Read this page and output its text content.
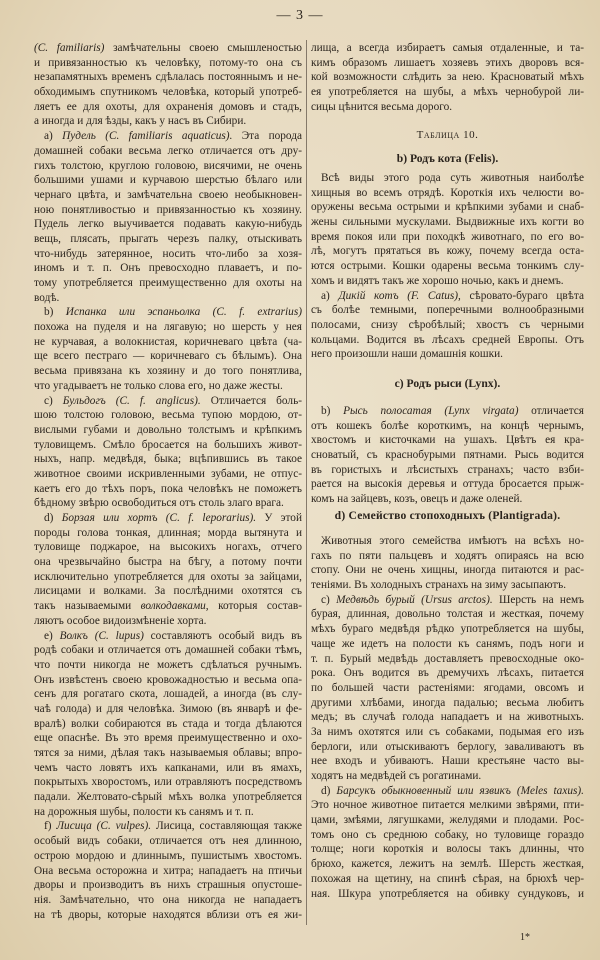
— 3 —
(C. familiaris) замѣчательны своею смышленостью
и привязанностью къ человѣку, потому-то она съ
незапамятныхъ временъ сдѣлалась постояннымъ и не-
обходимымъ спутникомъ человѣка, который употреб-
ляетъ ее для охоты, для охраненія домовъ и стадъ,
а иногда и для ѣзды, какъ у насъ въ Сибири.
a) Пудель (C. familiaris aquaticus). Эта порода
домашней собаки весьма легко отличается отъ дру-
гихъ толстою, круглою головою, висячими, не очень
большими ушами и курчавою шерстью бѣлаго или
чернаго цвѣта, и замѣчательна своею необыкновен-
ною понятливостью и привязанностью къ хозяину.
Пудель легко выучивается подавать какую-нибудь
вещь, плясать, прыгать черезъ палку, отыскивать
что-нибудь затерянное, носить что-либо за хозя-
иномъ и т. п. Онъ превосходно плаваетъ, и по-
тому употребляется преимущественно для охоты на
водѣ.
b) Испанка или эспаньолка (C. f. extrarius)
похожа на пуделя и на лягавую; но шерсть у нея
не курчавая, а волокнистая, коричневаго цвѣта (ча-
ще всего пестраго — коричневаго съ бѣлымъ). Она
весьма привязана къ хозяину и до того понятлива,
что угадываетъ не только слова его, но даже жесты.
c) Бульдогъ (C. f. anglicus). Отличается боль-
шою толстою головою, весьма тупою мордою, от-
вислыми губами и довольно толстымъ и крѣпкимъ
туловищемъ. Смѣло бросается на большихъ живот-
ныхъ, напр. медвѣдя, быка; вцѣпившись въ такое
животное своими искривленными зубами, не отпус-
каетъ его до тѣхъ поръ, пока человѣкъ не поможетъ
бѣдному звѣрю освободиться отъ столь злаго врага.
d) Борзая или хортъ (C. f. leporarius). У этой
породы голова тонкая, длинная; морда вытянута и
туловище поджарое, на высокихъ ногахъ, отчего
она чрезвычайно быстра на бѣгу, а потому почти
исключительно употребляется для охоты за зайцами,
лисицами и волками. За послѣдними охотятся съ
такъ называемыми волкодавками, которыя состав-
ляютъ особое видоизмѣненіе хорта.
e) Волкъ (C. lupus) составляютъ особый видъ въ
родѣ собаки и отличается отъ домашней собаки тѣмъ,
что почти никогда не можетъ сдѣлаться ручнымъ.
Онъ извѣстенъ своею кровожадностью и весьма опа-
сенъ для рогатаго скота, лошадей, а иногда (въ слу-
чаѣ голода) и для человѣка. Зимою (въ январѣ и фе-
вралѣ) волки собираются въ стада и тогда дѣлаются
еще опаснѣе. Въ это время преимущественно и охо-
тятся за ними, дѣлая такъ называемыя облавы; впро-
чемъ часто ловятъ ихъ капканами, или въ ямахъ,
покрытыхъ хворостомъ, или отравляютъ посредствомъ
падали. Желтовато-сѣрый мѣхъ волка употребляется
на дорожныя шубы, полости къ санямъ и т. п.
f) Лисица (C. vulpes). Лисица, составляющая также
особый видъ собаки, отличается отъ нея длинною,
острою мордою и длиннымъ, пушистымъ хвостомъ.
Она весьма осторожна и хитра; нападаетъ на птичьи
дворы и производитъ въ нихъ страшныя опустоше-
нія. Замѣчательно, что она никогда не нападаетъ
на тѣ дворы, которые находятся вблизи отъ ея жи-
лища, а всегда избираетъ самыя отдаленные, и та-
кимъ образомъ лишаетъ хозяевъ этихъ дворовъ вся-
кой возможности слѣдить за нею. Красноватый мѣхъ
ея употребляется на шубы, а мѣхъ чернобурой ли-
сицы цѣнится весьма дорого.
Таблица 10.
b) Родъ кота (Felis).
Всѣ виды этого рода суть животныя наиболѣе
хищныя во всемъ отрядѣ. Короткія ихъ челюсти во-
оружены весьма острыми и крѣпкими зубами и снаб-
жены сильными мускулами. Выдвижные ихъ когти во
время покоя или при походкѣ животнаго, по его во-
лѣ, могутъ прятаться въ кожу, почему всегда оста-
ются острыми. Кошки одарены весьма тонкимъ слу-
хомъ и видятъ такъ же хорошо ночью, какъ и днемъ.
a) Дикій котъ (F. Catus), сѣровато-бураго цвѣта
съ болѣе темными, поперечными волнообразными
полосами, снизу сѣробѣлый; хвостъ съ черными
кольцами. Водится въ лѣсахъ средней Европы. Отъ
него произошли наши домашнія кошки.
c) Родъ рыси (Lynx).
b) Рысь полосатая (Lynx virgata) отличается
отъ кошекъ болѣе короткимъ, на концѣ чернымъ,
хвостомъ и кисточками на ушахъ. Цвѣтъ ея кра-
сноватый, съ краснобурыми пятнами. Рысь водится
въ гористыхъ и лѣсистыхъ странахъ; часто взби-
рается на высокія деревья и оттуда бросается прыж-
комъ на зайцевъ, козъ, овецъ и даже оленей.
d) Семейство стопоходныхъ (Plantigrada).
Животныя этого семейства имѣютъ на всѣхъ но-
гахъ по пяти пальцевъ и ходятъ опираясь на всю
стопу. Они не очень хищны, иногда питаются и рас-
теніями. Въ холодныхъ странахъ на зиму засыпаютъ.
c) Медвѣдь бурый (Ursus arctos). Шерсть на немъ
бурая, длинная, довольно толстая и жесткая, почему
мѣхъ бураго медвѣдя рѣдко употребляется на шубы,
чаще же идетъ на полости къ санямъ, подъ ноги и
т. п. Бурый медвѣдь доставляетъ превосходные око-
рока. Онъ водится въ дремучихъ лѣсахъ, питается
по большей части растеніями: ягодами, овсомъ и
другими хлѣбами, иногда падалью; весьма любитъ
медъ; въ случаѣ голода нападаетъ и на животныхъ.
За нимъ охотятся или съ собаками, подымая его изъ
берлоги, или отыскиваютъ берлогу, заваливаютъ въ
нее входъ и убиваютъ. Наши крестьяне часто вы-
ходятъ на медвѣдей съ рогатинами.
d) Барсукъ обыкновенный или язвикъ (Meles taxus).
Это ночное животное питается мелкими звѣрями, пти-
цами, змѣями, лягушками, желудями и плодами. Рос-
томъ оно съ среднюю собаку, но туловище гораздо
толще; ноги короткія и волосы такъ длинны, что
брюхо, кажется, лежитъ на землѣ. Шерсть жесткая,
похожая на щетину, на спинѣ сѣрая, на брюхѣ чер-
ная. Шкура употребляется на обивку сундуковъ, и
1*
